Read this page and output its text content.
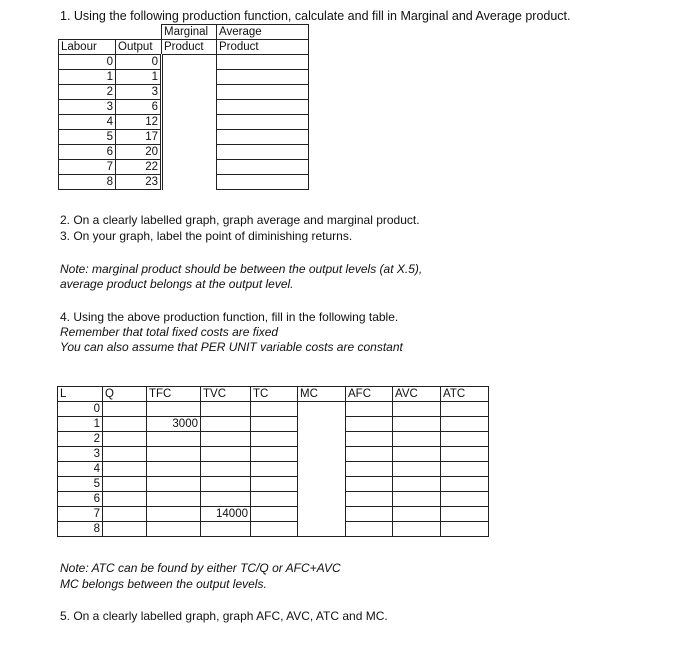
1. Using the following production function, calculate and fill in Marginal and Average product.
		Marginal	Average
Labour	Output	Product	Product
0	0		
1	1		
2	3		
3	6		
4	12		
5	17		
6	20		
7	22		
8	23		
2. On a clearly labelled graph, graph average and marginal product.
3. On your graph, label the point of diminishing returns.
Note: marginal product should be between the output levels (at X.5),
average product belongs at the output level.
4. Using the above production function, fill in the following table.
Remember that total fixed costs are fixed
You can also assume that PER UNIT variable costs are constant
L	Q	TFC	TVC	TC	MC	AFC	AVC	ATC
0								
1		3000						
2								
3								
4								
5								
6								
7			14000					
8								
Note: ATC can be found by either TC/Q or AFC+AVC
MC belongs between the output levels.
5. On a clearly labelled graph, graph AFC, AVC, ATC and MC.
